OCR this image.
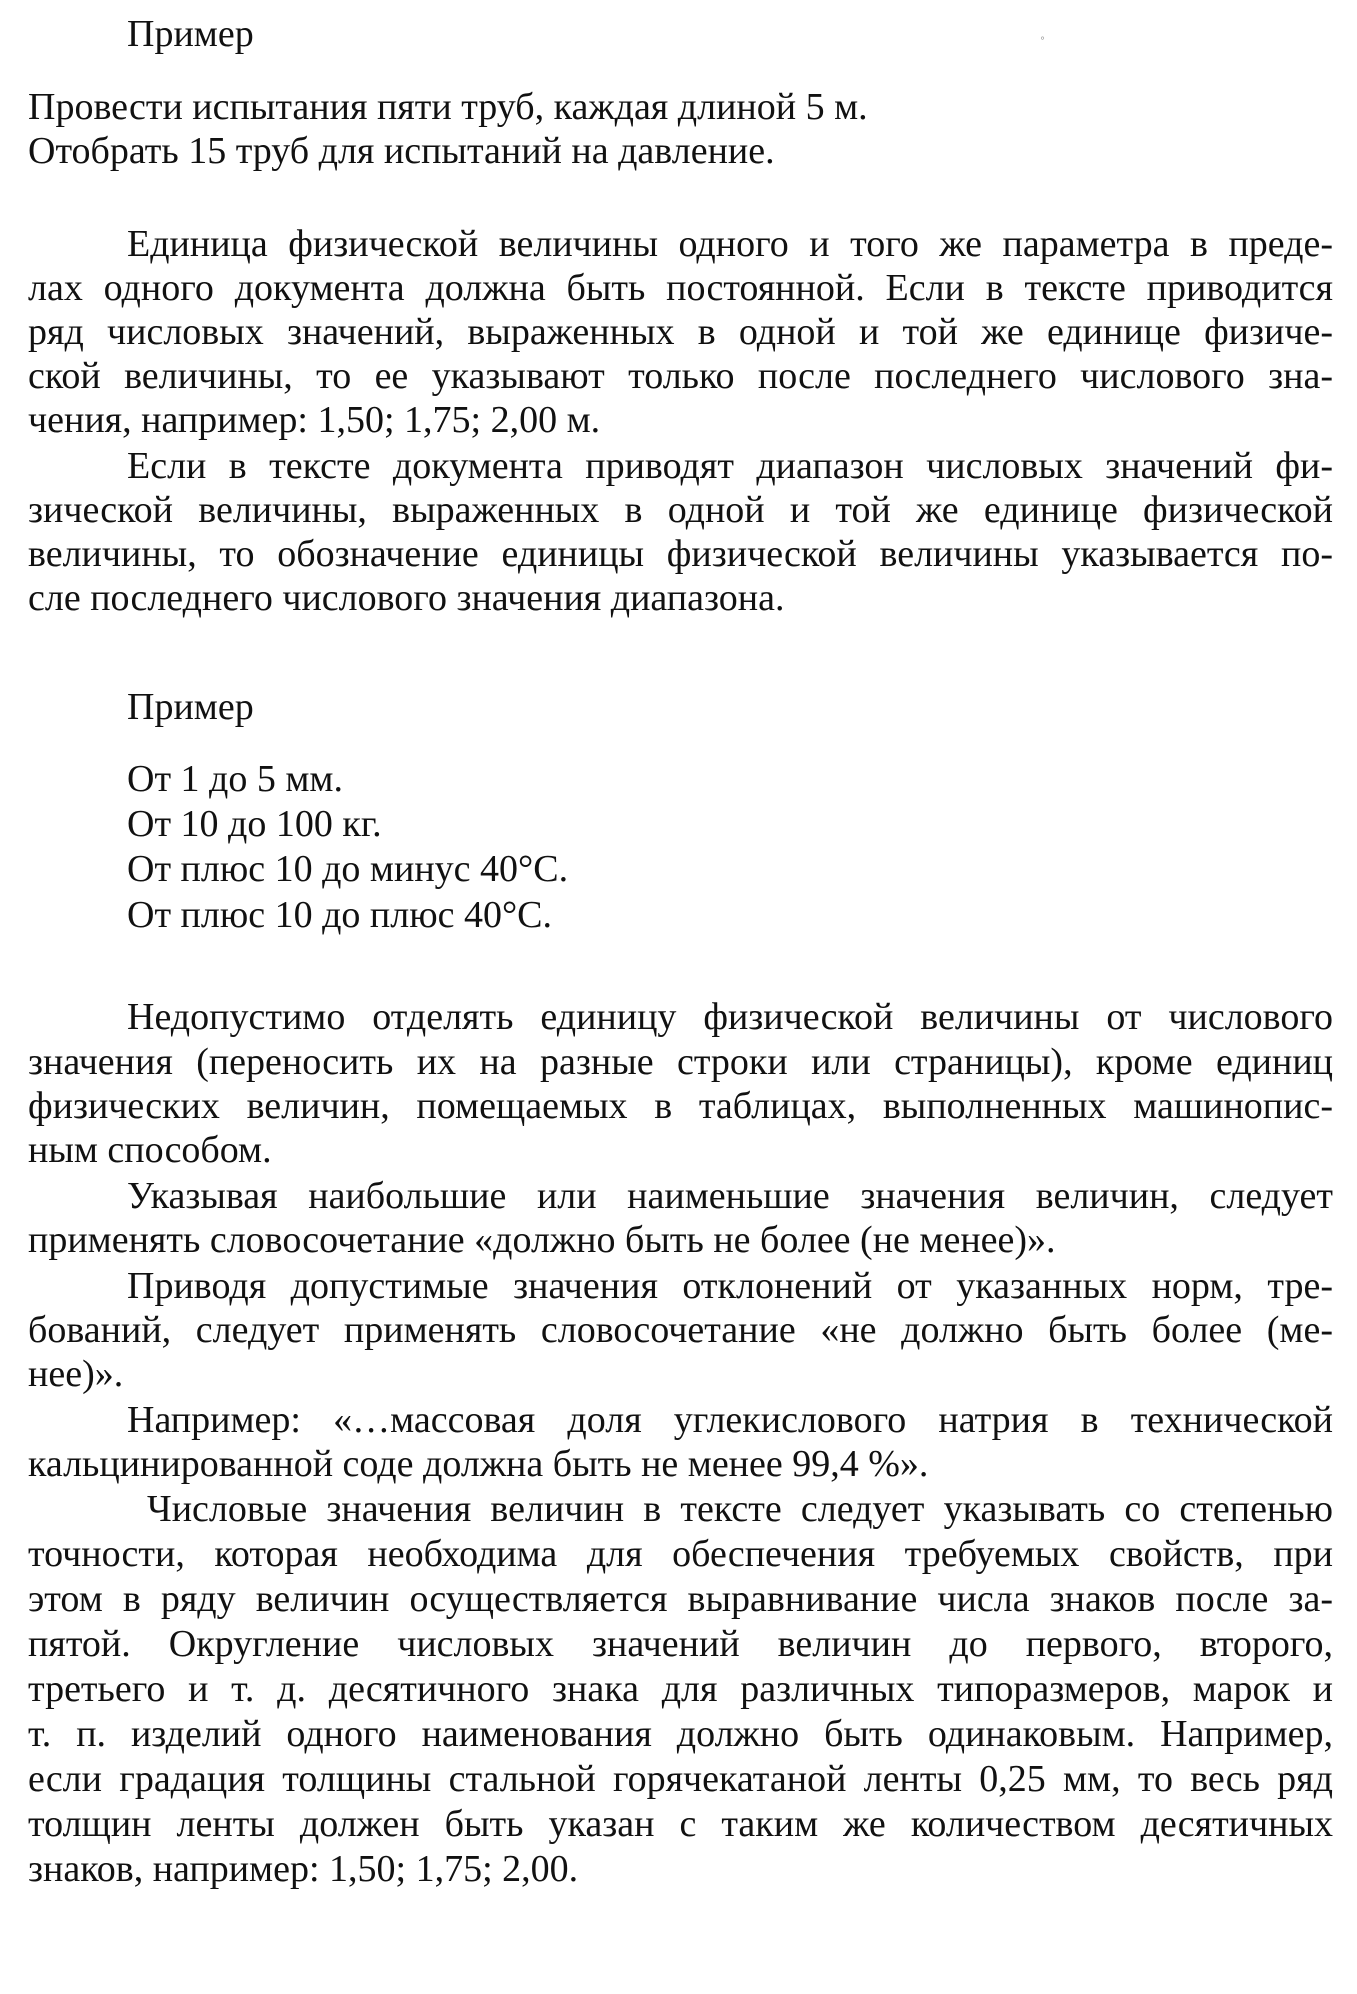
Пример
Провести испытания пяти труб, каждая длиной 5 м.
Отобрать 15 труб для испытаний на давление.
Единица физической величины одного и того же параметра в преде-
лах одного документа должна быть постоянной. Если в тексте приводится
ряд числовых значений, выраженных в одной и той же единице физиче-
ской величины, то ее указывают только после последнего числового зна-
чения, например: 1,50; 1,75; 2,00 м.
Если в тексте документа приводят диапазон числовых значений фи-
зической величины, выраженных в одной и той же единице физической
величины, то обозначение единицы физической величины указывается по-
сле последнего числового значения диапазона.
Пример
От 1 до 5 мм.
От 10 до 100 кг.
От плюс 10 до минус 40°С.
От плюс 10 до плюс 40°С.
Недопустимо отделять единицу физической величины от числового
значения (переносить их на разные строки или страницы), кроме единиц
физических величин, помещаемых в таблицах, выполненных машинопис-
ным способом.
Указывая наибольшие или наименьшие значения величин, следует
применять словосочетание «должно быть не более (не менее)».
Приводя допустимые значения отклонений от указанных норм, тре-
бований, следует применять словосочетание «не должно быть более (ме-
нее)».
Например: «…массовая доля углекислового натрия в технической
кальцинированной соде должна быть не менее 99,4 %».
Числовые значения величин в тексте следует указывать со степенью
точности, которая необходима для обеспечения требуемых свойств, при
этом в ряду величин осуществляется выравнивание числа знаков после за-
пятой. Округление числовых значений величин до первого, второго,
третьего и т. д. десятичного знака для различных типоразмеров, марок и
т. п. изделий одного наименования должно быть одинаковым. Например,
если градация толщины стальной горячекатаной ленты 0,25 мм, то весь ряд
толщин ленты должен быть указан с таким же количеством десятичных
знаков, например: 1,50; 1,75; 2,00.
°
